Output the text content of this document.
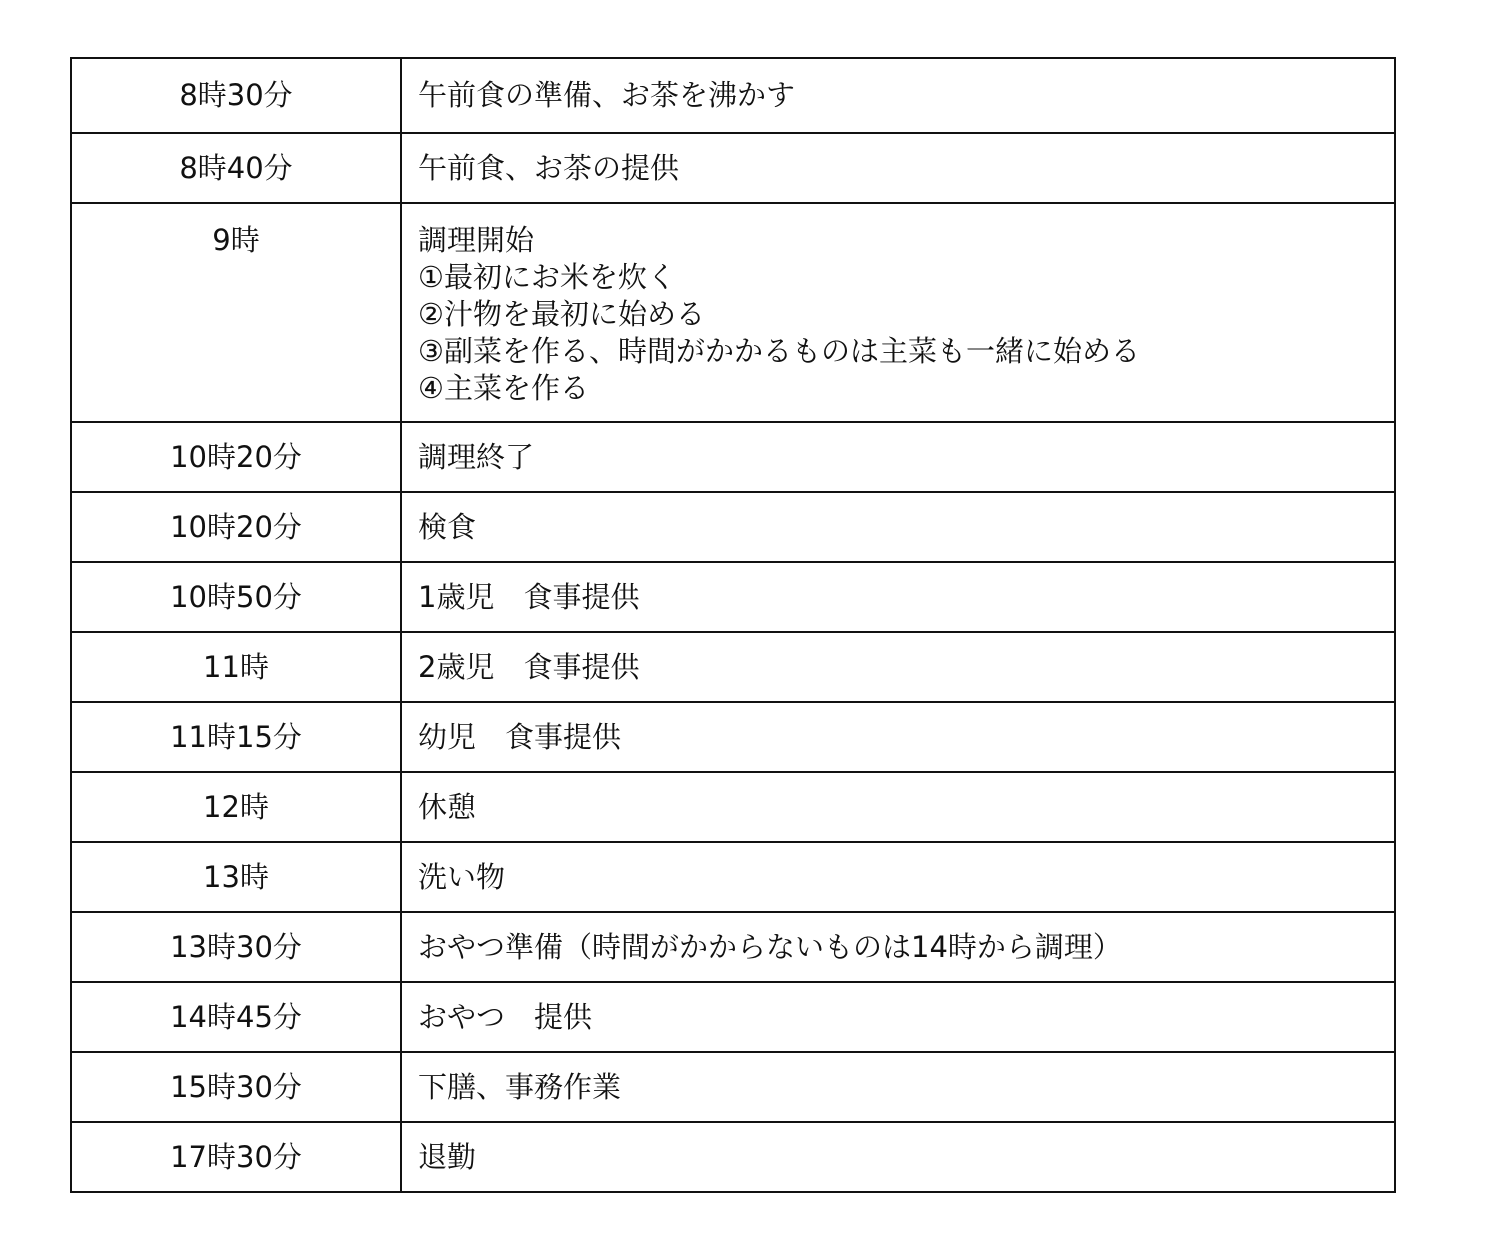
8時30分	午前食の準備、お茶を沸かす

8時40分	午前食、お茶の提供

9時	調理開始
①最初にお米を炊く
②汁物を最初に始める
③副菜を作る、時間がかかるものは主菜も一緒に始める
④主菜を作る

10時20分	調理終了

10時20分	検食

10時50分	1歳児　食事提供

11時	2歳児　食事提供

11時15分	幼児　食事提供

12時	休憩

13時	洗い物

13時30分	おやつ準備（時間がかからないものは14時から調理）

14時45分	おやつ　提供

15時30分	下膳、事務作業

17時30分	退勤
